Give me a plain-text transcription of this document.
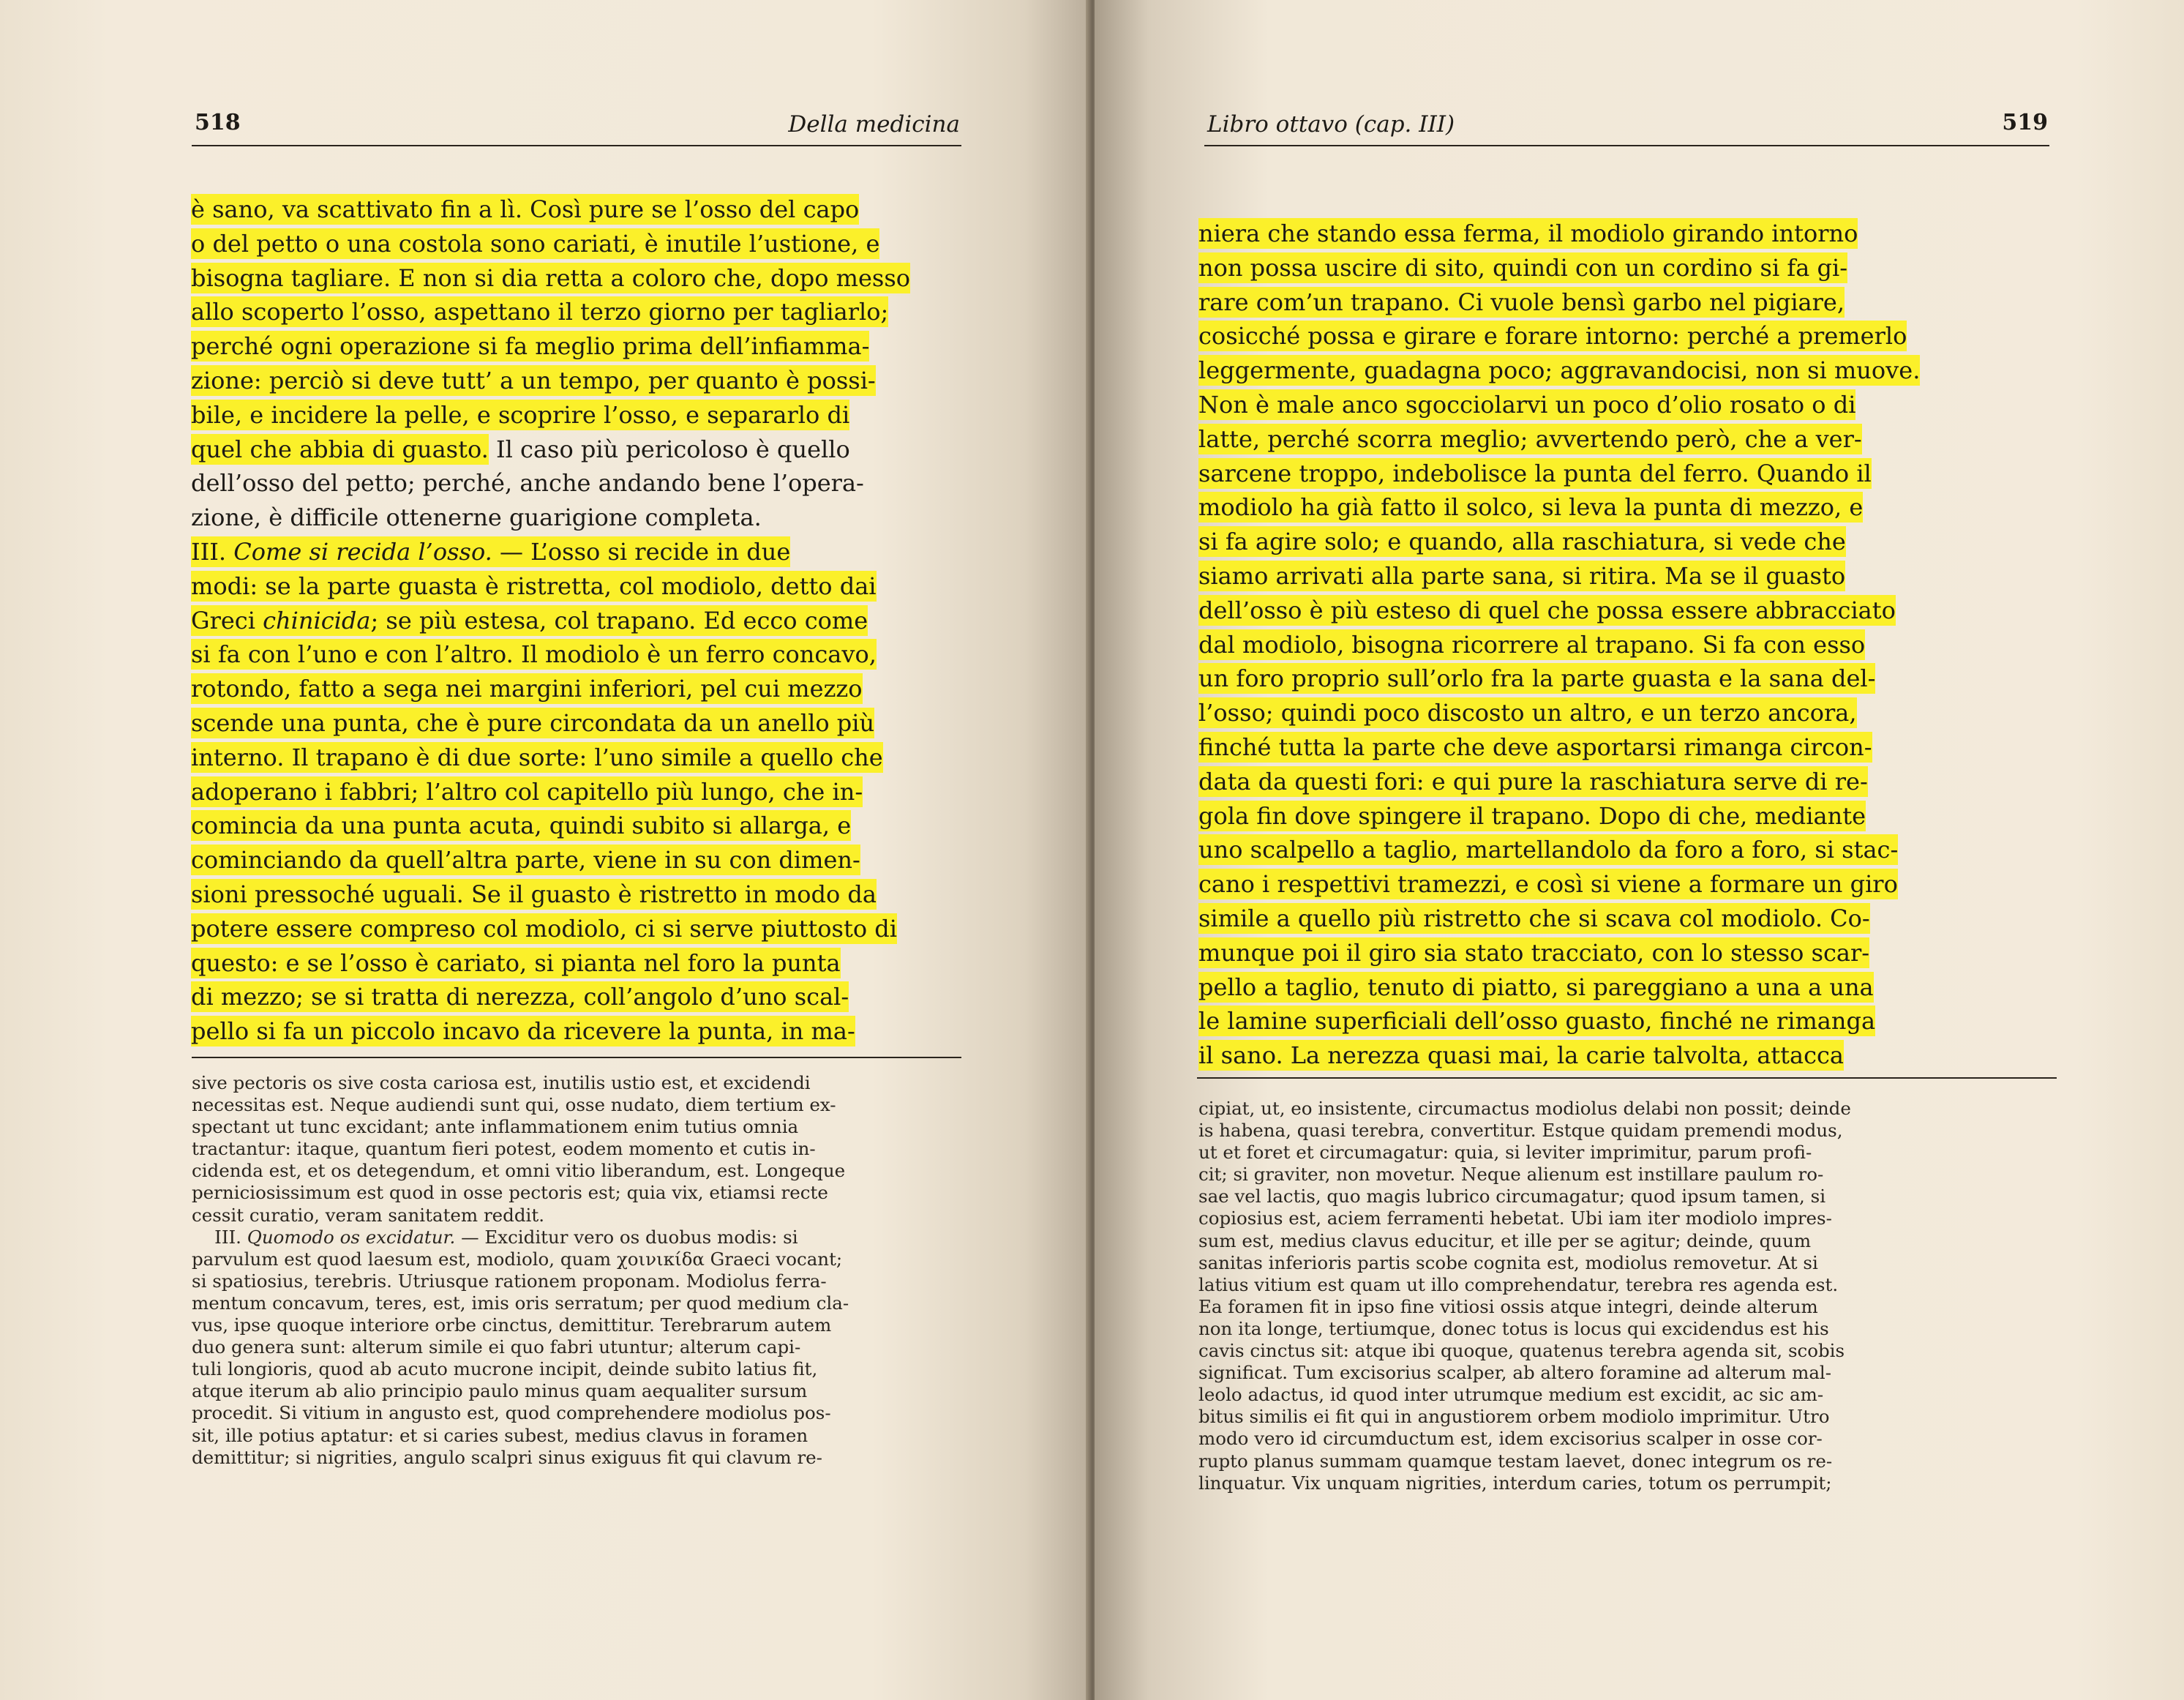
518	Della medicina
è sano, va scattivato fin a lì. Così pure se l’osso del capo
o del petto o una costola sono cariati, è inutile l’ustione, e
bisogna tagliare. E non si dia retta a coloro che, dopo messo
allo scoperto l’osso, aspettano il terzo giorno per tagliarlo;
perché ogni operazione si fa meglio prima dell’infiamma-
zione: perciò si deve tutt’ a un tempo, per quanto è possi-
bile, e incidere la pelle, e scoprire l’osso, e separarlo di
quel che abbia di guasto. Il caso più pericoloso è quello
dell’osso del petto; perché, anche andando bene l’opera-
zione, è difficile ottenerne guarigione completa.
III. Come si recida l’osso. — L’osso si recide in due
modi: se la parte guasta è ristretta, col modiolo, detto dai
Greci chinicida; se più estesa, col trapano. Ed ecco come
si fa con l’uno e con l’altro. Il modiolo è un ferro concavo,
rotondo, fatto a sega nei margini inferiori, pel cui mezzo
scende una punta, che è pure circondata da un anello più
interno. Il trapano è di due sorte: l’uno simile a quello che
adoperano i fabbri; l’altro col capitello più lungo, che in-
comincia da una punta acuta, quindi subito si allarga, e
cominciando da quell’altra parte, viene in su con dimen-
sioni pressoché uguali. Se il guasto è ristretto in modo da
potere essere compreso col modiolo, ci si serve piuttosto di
questo: e se l’osso è cariato, si pianta nel foro la punta
di mezzo; se si tratta di nerezza, coll’angolo d’uno scal-
pello si fa un piccolo incavo da ricevere la punta, in ma-
sive pectoris os sive costa cariosa est, inutilis ustio est, et excidendi
necessitas est. Neque audiendi sunt qui, osse nudato, diem tertium ex-
spectant ut tunc excidant; ante inflammationem enim tutius omnia
tractantur: itaque, quantum fieri potest, eodem momento et cutis in-
cidenda est, et os detegendum, et omni vitio liberandum, est. Longeque
perniciosissimum est quod in osse pectoris est; quia vix, etiamsi recte
cessit curatio, veram sanitatem reddit.
III. Quomodo os excidatur. — Exciditur vero os duobus modis: si
parvulum est quod laesum est, modiolo, quam χοινικίδα Graeci vocant;
si spatiosius, terebris. Utriusque rationem proponam. Modiolus ferra-
mentum concavum, teres, est, imis oris serratum; per quod medium cla-
vus, ipse quoque interiore orbe cinctus, demittitur. Terebrarum autem
duo genera sunt: alterum simile ei quo fabri utuntur; alterum capi-
tuli longioris, quod ab acuto mucrone incipit, deinde subito latius fit,
atque iterum ab alio principio paulo minus quam aequaliter sursum
procedit. Si vitium in angusto est, quod comprehendere modiolus pos-
sit, ille potius aptatur: et si caries subest, medius clavus in foramen
demittitur; si nigrities, angulo scalpri sinus exiguus fit qui clavum re-
Libro ottavo (cap. III)	519
niera che stando essa ferma, il modiolo girando intorno
non possa uscire di sito, quindi con un cordino si fa gi-
rare com’un trapano. Ci vuole bensì garbo nel pigiare,
cosicché possa e girare e forare intorno: perché a premerlo
leggermente, guadagna poco; aggravandocisi, non si muove.
Non è male anco sgocciolarvi un poco d’olio rosato o di
latte, perché scorra meglio; avvertendo però, che a ver-
sarcene troppo, indebolisce la punta del ferro. Quando il
modiolo ha già fatto il solco, si leva la punta di mezzo, e
si fa agire solo; e quando, alla raschiatura, si vede che
siamo arrivati alla parte sana, si ritira. Ma se il guasto
dell’osso è più esteso di quel che possa essere abbracciato
dal modiolo, bisogna ricorrere al trapano. Si fa con esso
un foro proprio sull’orlo fra la parte guasta e la sana del-
l’osso; quindi poco discosto un altro, e un terzo ancora,
finché tutta la parte che deve asportarsi rimanga circon-
data da questi fori: e qui pure la raschiatura serve di re-
gola fin dove spingere il trapano. Dopo di che, mediante
uno scalpello a taglio, martellandolo da foro a foro, si stac-
cano i respettivi tramezzi, e così si viene a formare un giro
simile a quello più ristretto che si scava col modiolo. Co-
munque poi il giro sia stato tracciato, con lo stesso scar-
pello a taglio, tenuto di piatto, si pareggiano a una a una
le lamine superficiali dell’osso guasto, finché ne rimanga
il sano. La nerezza quasi mai, la carie talvolta, attacca
cipiat, ut, eo insistente, circumactus modiolus delabi non possit; deinde
is habena, quasi terebra, convertitur. Estque quidam premendi modus,
ut et foret et circumagatur: quia, si leviter imprimitur, parum profi-
cit; si graviter, non movetur. Neque alienum est instillare paulum ro-
sae vel lactis, quo magis lubrico circumagatur; quod ipsum tamen, si
copiosius est, aciem ferramenti hebetat. Ubi iam iter modiolo impres-
sum est, medius clavus educitur, et ille per se agitur; deinde, quum
sanitas inferioris partis scobe cognita est, modiolus removetur. At si
latius vitium est quam ut illo comprehendatur, terebra res agenda est.
Ea foramen fit in ipso fine vitiosi ossis atque integri, deinde alterum
non ita longe, tertiumque, donec totus is locus qui excidendus est his
cavis cinctus sit: atque ibi quoque, quatenus terebra agenda sit, scobis
significat. Tum excisorius scalper, ab altero foramine ad alterum mal-
leolo adactus, id quod inter utrumque medium est excidit, ac sic am-
bitus similis ei fit qui in angustiorem orbem modiolo imprimitur. Utro
modo vero id circumductum est, idem excisorius scalper in osse cor-
rupto planus summam quamque testam laevet, donec integrum os re-
linquatur. Vix unquam nigrities, interdum caries, totum os perrumpit;
